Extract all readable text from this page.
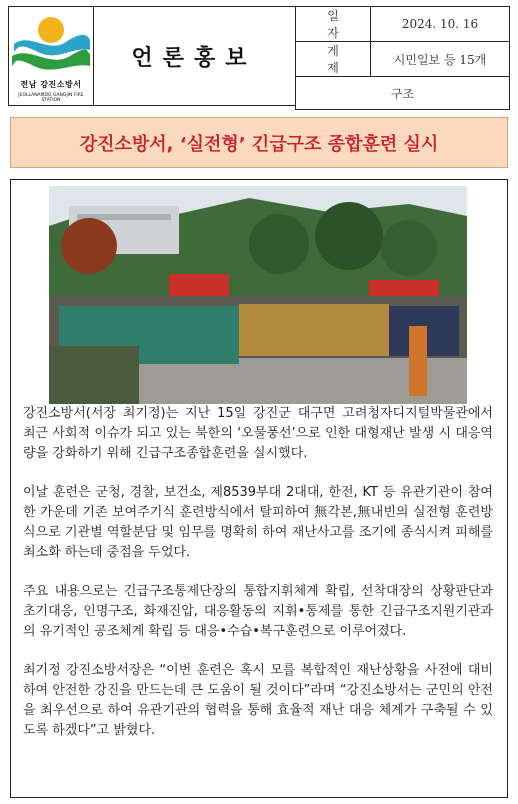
전남 강진소방서
JEOLLANAMDO GANGJIN FIRE STATION
언론홍보
일 자	2024. 10. 16
게 제	시민일보 등 15개
구조	
강진소방서, ‘실전형’ 긴급구조 종합훈련 실시

강진소방서(서장 최기정)는 지난 15일 강진군 대구면 고려청자디지털박물관에서 최근 사회적 이슈가 되고 있는 북한의 ‘오물풍선’으로 인한 대형재난 발생 시 대응역량을 강화하기 위해 긴급구조종합훈련을 실시했다.

이날 훈련은 군청, 경찰, 보건소, 제8539부대 2대대, 한전, KT 등 유관기관이 참여한 가운데 기존 보여주기식 훈련방식에서 탈피하여 無각본,無내빈의 실전형 훈련방식으로 기관별 역할분담 및 임무를 명확히 하여 재난사고를 조기에 종식시켜 피해를 최소화 하는데 중점을 두었다.

주요 내용으로는 긴급구조통제단장의 통합지휘체계 확립, 선착대장의 상황판단과 초기대응, 인명구조, 화재진압, 대응활동의 지휘•통제를 통한 긴급구조지원기관과의 유기적인 공조체계 확립 등 대응•수습•복구훈련으로 이루어졌다.

최기정 강진소방서장은 “이번 훈련은 혹시 모를 복합적인 재난상황을 사전에 대비하여 안전한 강진을 만드는데 큰 도움이 될 것이다”라며 “강진소방서는 군민의 안전을 최우선으로 하여 유관기관의 협력을 통해 효율적 재난 대응 체계가 구축될 수 있도록 하겠다”고 밝혔다.
